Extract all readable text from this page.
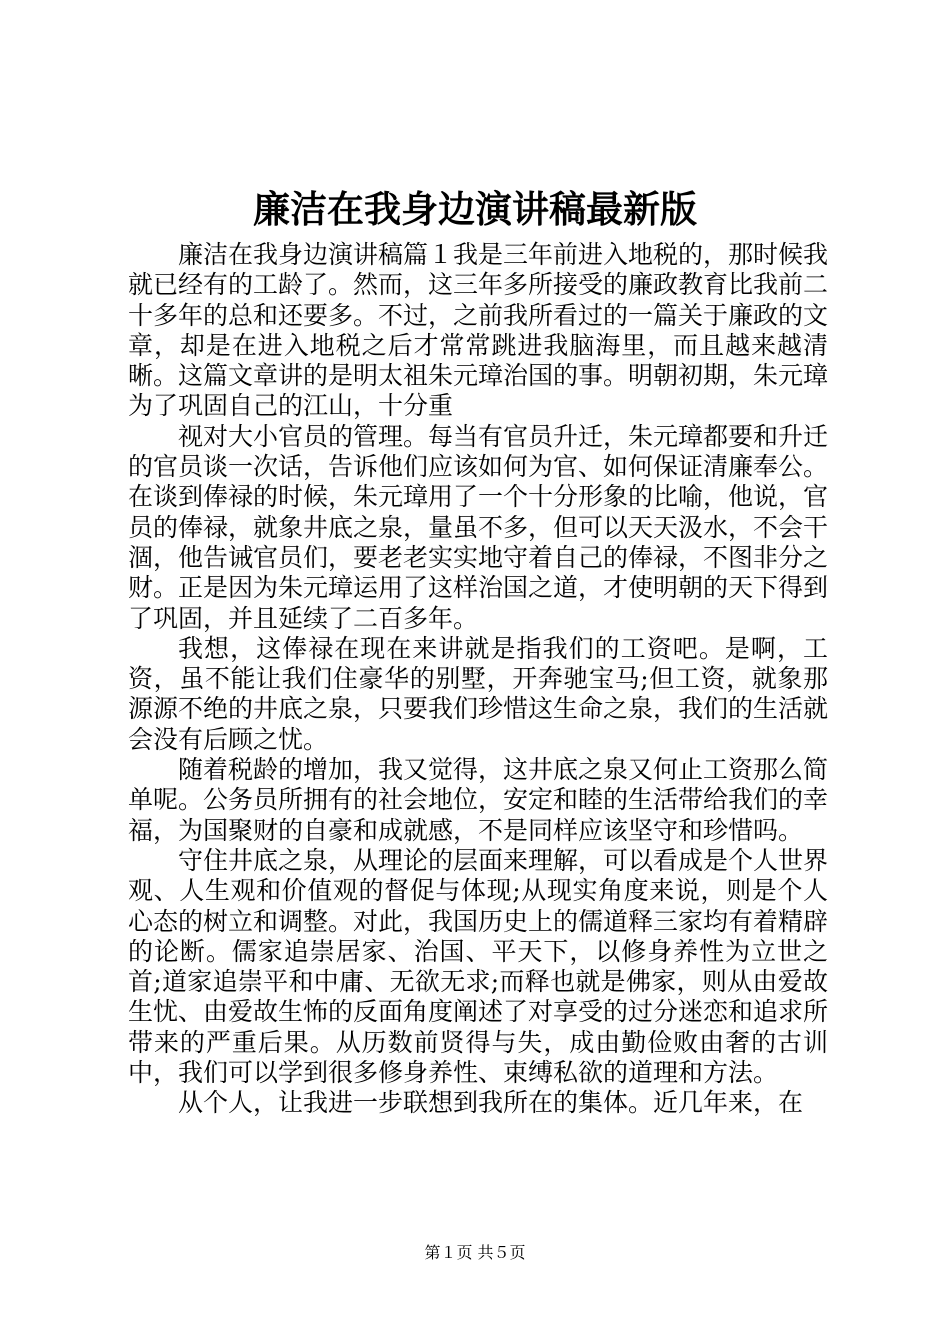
廉洁在我身边演讲稿最新版

廉洁在我身边演讲稿篇１我是三年前进入地税的，那时候我就已经有的工龄了。然而，这三年多所接受的廉政教育比我前二十多年的总和还要多。不过，之前我所看过的一篇关于廉政的文章，却是在进入地税之后才常常跳进我脑海里，而且越来越清晰。这篇文章讲的是明太祖朱元璋治国的事。明朝初期，朱元璋为了巩固自己的江山，十分重

视对大小官员的管理。每当有官员升迁，朱元璋都要和升迁的官员谈一次话，告诉他们应该如何为官、如何保证清廉奉公。在谈到俸禄的时候，朱元璋用了一个十分形象的比喻，他说，官员的俸禄，就象井底之泉，量虽不多，但可以天天汲水，不会干涸，他告诫官员们，要老老实实地守着自己的俸禄，不图非分之财。正是因为朱元璋运用了这样治国之道，才使明朝的天下得到了巩固，并且延续了二百多年。

我想，这俸禄在现在来讲就是指我们的工资吧。是啊，工资，虽不能让我们住豪华的别墅，开奔驰宝马;但工资，就象那源源不绝的井底之泉，只要我们珍惜这生命之泉，我们的生活就会没有后顾之忧。

随着税龄的增加，我又觉得，这井底之泉又何止工资那么简单呢。公务员所拥有的社会地位，安定和睦的生活带给我们的幸福，为国聚财的自豪和成就感，不是同样应该坚守和珍惜吗。

守住井底之泉，从理论的层面来理解，可以看成是个人世界观、人生观和价值观的督促与体现;从现实角度来说，则是个人心态的树立和调整。对此，我国历史上的儒道释三家均有着精辟的论断。儒家追崇居家、治国、平天下，以修身养性为立世之首;道家追崇平和中庸、无欲无求;而释也就是佛家，则从由爱故生忧、由爱故生怖的反面角度阐述了对享受的过分迷恋和追求所带来的严重后果。从历数前贤得与失，成由勤俭败由奢的古训中，我们可以学到很多修身养性、束缚私欲的道理和方法。

从个人，让我进一步联想到我所在的集体。近几年来，在

第１页 共５页
